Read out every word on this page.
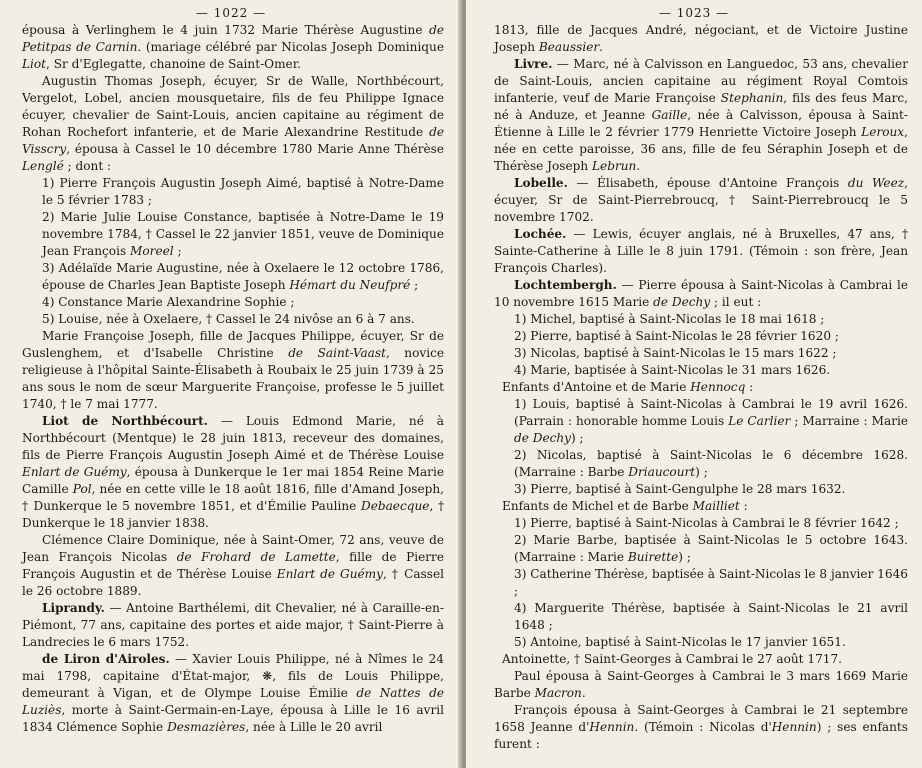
— 1022 —

épousa à Verlinghem le 4 juin 1732 Marie Thérèse Augustine de Petitpas de Carnin. (mariage célébré par Nicolas Joseph Dominique Liot, Sr d'Eglegatte, chanoine de Saint-Omer.

Augustin Thomas Joseph, écuyer, Sr de Walle, Northbécourt, Vergelot, Lobel, ancien mousquetaire, fils de feu Philippe Ignace écuyer, chevalier de Saint-Louis, ancien capitaine au régiment de Rohan Rochefort infanterie, et de Marie Alexandrine Restitude de Visscry, épousa à Cassel le 10 décembre 1780 Marie Anne Thérèse Lenglé ; dont :

1) Pierre François Augustin Joseph Aimé, baptisé à Notre-Dame le 5 février 1783 ;

2) Marie Julie Louise Constance, baptisée à Notre-Dame le 19 novembre 1784, † Cassel le 22 janvier 1851, veuve de Dominique Jean François Moreel ;

3) Adélaïde Marie Augustine, née à Oxelaere le 12 octobre 1786, épouse de Charles Jean Baptiste Joseph Hémart du Neufpré ;

4) Constance Marie Alexandrine Sophie ;

5) Louise, née à Oxelaere, † Cassel le 24 nivôse an 6 à 7 ans.

Marie Françoise Joseph, fille de Jacques Philippe, écuyer, Sr de Guslenghem, et d'Isabelle Christine de Saint-Vaast, novice religieuse à l'hôpital Sainte-Élisabeth à Roubaix le 25 juin 1739 à 25 ans sous le nom de sœur Marguerite Françoise, professe le 5 juillet 1740, † le 7 mai 1777.

Liot de Northbécourt. — Louis Edmond Marie, né à Northbécourt (Mentque) le 28 juin 1813, receveur des domaines, fils de Pierre François Augustin Joseph Aimé et de Thérèse Louise Enlart de Guémy, épousa à Dunkerque le 1er mai 1854 Reine Marie Camille Pol, née en cette ville le 18 août 1816, fille d'Amand Joseph, † Dunkerque le 5 novembre 1851, et d'Émilie Pauline Debaecque, † Dunkerque le 18 janvier 1838.

Clémence Claire Dominique, née à Saint-Omer, 72 ans, veuve de Jean François Nicolas de Frohard de Lamette, fille de Pierre François Augustin et de Thérèse Louise Enlart de Guémy, † Cassel le 26 octobre 1889.

Liprandy. — Antoine Barthélemi, dit Chevalier, né à Caraille-en-Piémont, 77 ans, capitaine des portes et aide major, † Saint-Pierre à Landrecies le 6 mars 1752.

de Liron d'Airoles. — Xavier Louis Philippe, né à Nîmes le 24 mai 1798, capitaine d'État-major, ❋, fils de Louis Philippe, demeurant à Vigan, et de Olympe Louise Émilie de Nattes de Luziès, morte à Saint-Germain-en-Laye, épousa à Lille le 16 avril 1834 Clémence Sophie Desmazières, née à Lille le 20 avril

— 1023 —

1813, fille de Jacques André, négociant, et de Victoire Justine Joseph Beaussier.

Livre. — Marc, né à Calvisson en Languedoc, 53 ans, chevalier de Saint-Louis, ancien capitaine au régiment Royal Comtois infanterie, veuf de Marie Françoise Stephanin, fils des feus Marc, né à Anduze, et Jeanne Gaille, née à Calvisson, épousa à Saint-Étienne à Lille le 2 février 1779 Henriette Victoire Joseph Leroux, née en cette paroisse, 36 ans, fille de feu Séraphin Joseph et de Thérèse Joseph Lebrun.

Lobelle. — Élisabeth, épouse d'Antoine François du Weez, écuyer, Sr de Saint-Pierrebroucq, † Saint-Pierrebroucq le 5 novembre 1702.

Lochée. — Lewis, écuyer anglais, né à Bruxelles, 47 ans, † Sainte-Catherine à Lille le 8 juin 1791. (Témoin : son frère, Jean François Charles).

Lochtembergh. — Pierre épousa à Saint-Nicolas à Cambrai le 10 novembre 1615 Marie de Dechy ; il eut :

1) Michel, baptisé à Saint-Nicolas le 18 mai 1618 ;

2) Pierre, baptisé à Saint-Nicolas le 28 février 1620 ;

3) Nicolas, baptisé à Saint-Nicolas le 15 mars 1622 ;

4) Marie, baptisée à Saint-Nicolas le 31 mars 1626.

Enfants d'Antoine et de Marie Hennocq :

1) Louis, baptisé à Saint-Nicolas à Cambrai le 19 avril 1626. (Parrain : honorable homme Louis Le Carlier ; Marraine : Marie de Dechy) ;

2) Nicolas, baptisé à Saint-Nicolas le 6 décembre 1628. (Marraine : Barbe Driaucourt) ;

3) Pierre, baptisé à Saint-Gengulphe le 28 mars 1632.

Enfants de Michel et de Barbe Mailliet :

1) Pierre, baptisé à Saint-Nicolas à Cambrai le 8 février 1642 ;

2) Marie Barbe, baptisée à Saint-Nicolas le 5 octobre 1643. (Marraine : Marie Buirette) ;

3) Catherine Thérèse, baptisée à Saint-Nicolas le 8 janvier 1646 ;

4) Marguerite Thérèse, baptisée à Saint-Nicolas le 21 avril 1648 ;

5) Antoine, baptisé à Saint-Nicolas le 17 janvier 1651.

Antoinette, † Saint-Georges à Cambrai le 27 août 1717.

Paul épousa à Saint-Georges à Cambrai le 3 mars 1669 Marie Barbe Macron.

François épousa à Saint-Georges à Cambrai le 21 septembre 1658 Jeanne d'Hennin. (Témoin : Nicolas d'Hennin) ; ses enfants furent :
